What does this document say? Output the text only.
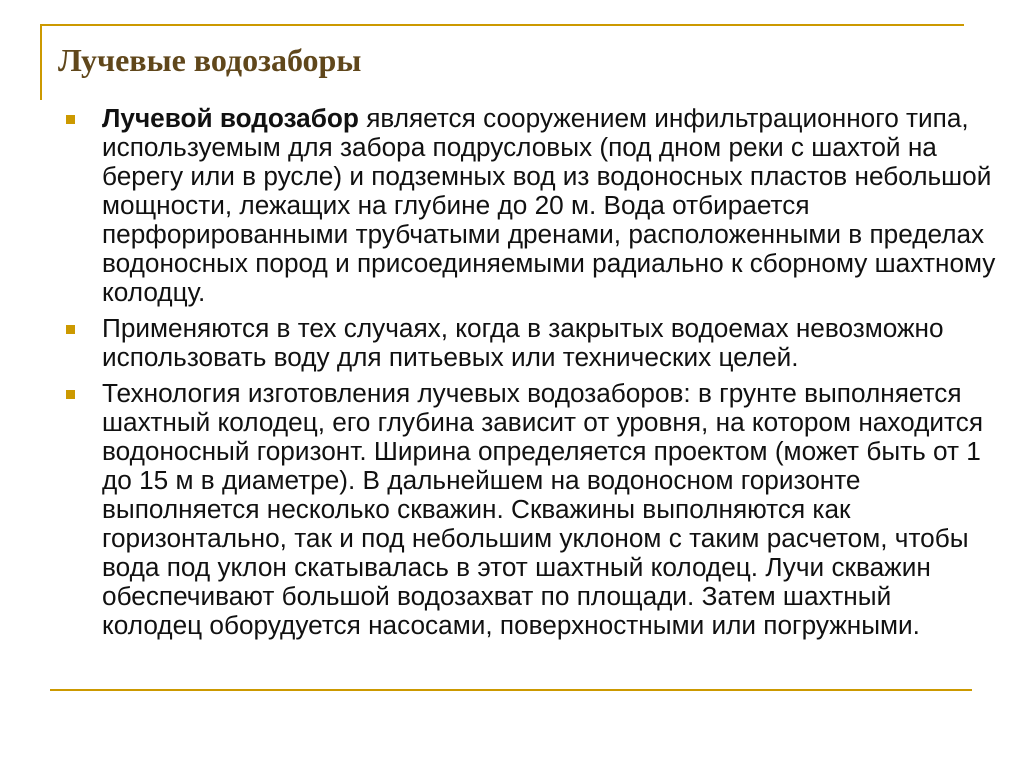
Лучевые водозаборы
Лучевой водозабор является сооружением инфильтрационного типа, используемым для забора подрусловых (под дном реки с шахтой на берегу или в русле) и подземных вод из водоносных пластов небольшой мощности, лежащих на глубине до 20 м. Вода отбирается перфорированными трубчатыми дренами, расположенными в пределах водоносных пород и присоединяемыми радиально к сборному шахтному колодцу.
Применяются в тех случаях, когда в закрытых водоемах невозможно использовать воду для питьевых или технических целей.
Технология изготовления лучевых водозаборов: в грунте выполняется шахтный колодец, его глубина зависит от уровня, на котором находится водоносный горизонт. Ширина определяется проектом (может быть от 1 до 15 м в диаметре). В дальнейшем на водоносном горизонте выполняется несколько скважин. Скважины выполняются как горизонтально, так и под небольшим уклоном с таким расчетом, чтобы вода под уклон скатывалась в этот шахтный колодец. Лучи скважин обеспечивают большой водозахват по площади. Затем шахтный колодец оборудуется насосами, поверхностными или погружными.
